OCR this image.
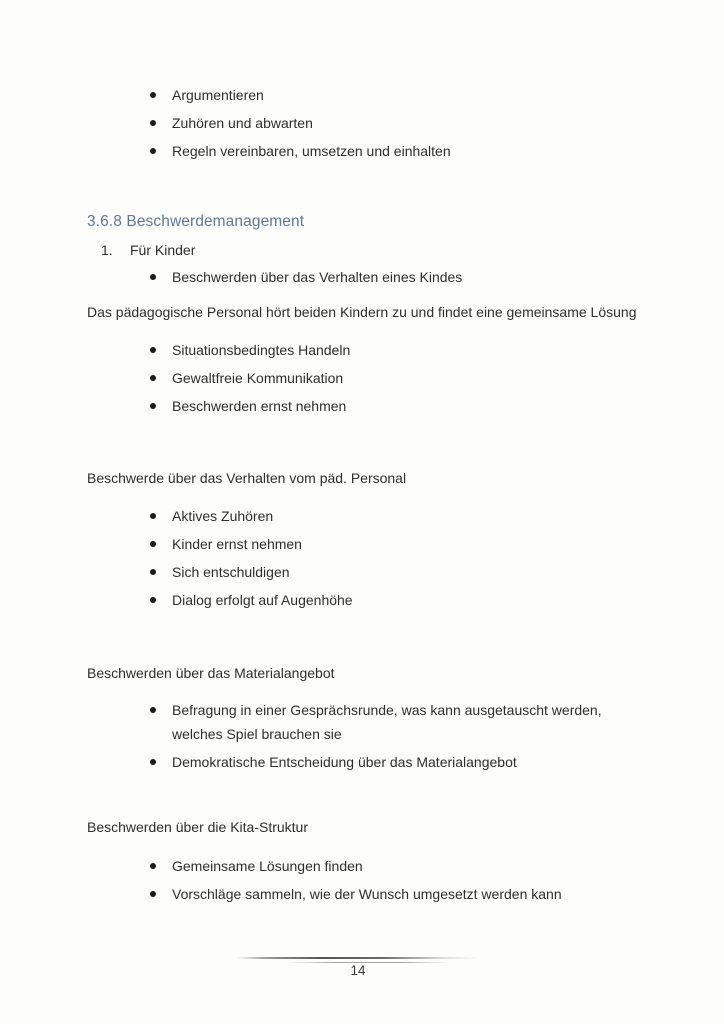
Argumentieren
Zuhören und abwarten
Regeln vereinbaren, umsetzen und einhalten
3.6.8 Beschwerdemanagement
1. Für Kinder
Beschwerden über das Verhalten eines Kindes

Das pädagogische Personal hört beiden Kindern zu und findet eine gemeinsame Lösung

Situationsbedingtes Handeln
Gewaltfreie Kommunikation
Beschwerden ernst nehmen

Beschwerde über das Verhalten vom päd. Personal

Aktives Zuhören
Kinder ernst nehmen
Sich entschuldigen
Dialog erfolgt auf Augenhöhe

Beschwerden über das Materialangebot

Befragung in einer Gesprächsrunde, was kann ausgetauscht werden, welches Spiel brauchen sie
Demokratische Entscheidung über das Materialangebot

Beschwerden über die Kita-Struktur

Gemeinsame Lösungen finden
Vorschläge sammeln, wie der Wunsch umgesetzt werden kann
14
